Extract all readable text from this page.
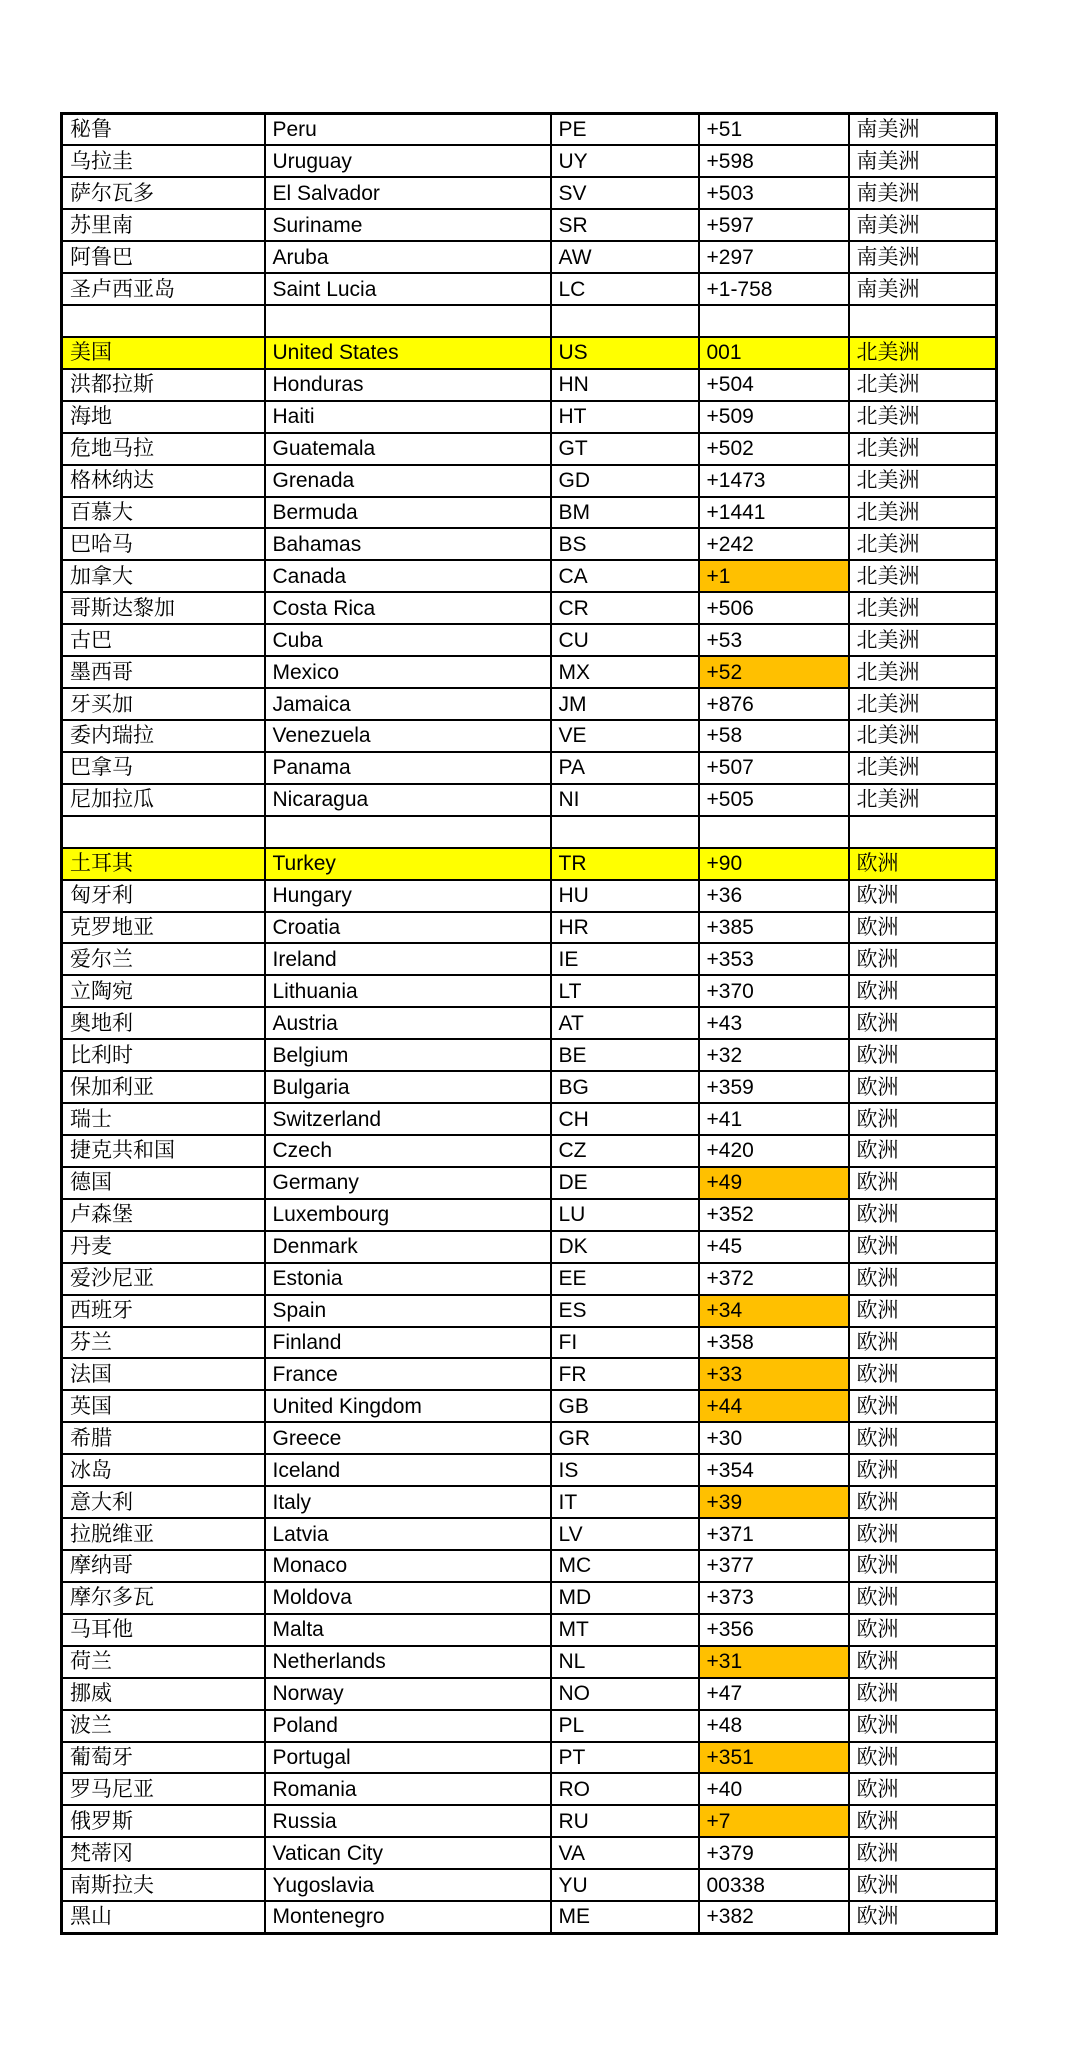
秘鲁	Peru	PE	+51	南美洲
乌拉圭	Uruguay	UY	+598	南美洲
萨尔瓦多	El Salvador	SV	+503	南美洲
苏里南	Suriname	SR	+597	南美洲
阿鲁巴	Aruba	AW	+297	南美洲
圣卢西亚岛	Saint Lucia	LC	+1-758	南美洲

美国	United States	US	001	北美洲
洪都拉斯	Honduras	HN	+504	北美洲
海地	Haiti	HT	+509	北美洲
危地马拉	Guatemala	GT	+502	北美洲
格林纳达	Grenada	GD	+1473	北美洲
百慕大	Bermuda	BM	+1441	北美洲
巴哈马	Bahamas	BS	+242	北美洲
加拿大	Canada	CA	+1	北美洲
哥斯达黎加	Costa Rica	CR	+506	北美洲
古巴	Cuba	CU	+53	北美洲
墨西哥	Mexico	MX	+52	北美洲
牙买加	Jamaica	JM	+876	北美洲
委内瑞拉	Venezuela	VE	+58	北美洲
巴拿马	Panama	PA	+507	北美洲
尼加拉瓜	Nicaragua	NI	+505	北美洲

土耳其	Turkey	TR	+90	欧洲
匈牙利	Hungary	HU	+36	欧洲
克罗地亚	Croatia	HR	+385	欧洲
爱尔兰	Ireland	IE	+353	欧洲
立陶宛	Lithuania	LT	+370	欧洲
奥地利	Austria	AT	+43	欧洲
比利时	Belgium	BE	+32	欧洲
保加利亚	Bulgaria	BG	+359	欧洲
瑞士	Switzerland	CH	+41	欧洲
捷克共和国	Czech	CZ	+420	欧洲
德国	Germany	DE	+49	欧洲
卢森堡	Luxembourg	LU	+352	欧洲
丹麦	Denmark	DK	+45	欧洲
爱沙尼亚	Estonia	EE	+372	欧洲
西班牙	Spain	ES	+34	欧洲
芬兰	Finland	FI	+358	欧洲
法国	France	FR	+33	欧洲
英国	United Kingdom	GB	+44	欧洲
希腊	Greece	GR	+30	欧洲
冰岛	Iceland	IS	+354	欧洲
意大利	Italy	IT	+39	欧洲
拉脱维亚	Latvia	LV	+371	欧洲
摩纳哥	Monaco	MC	+377	欧洲
摩尔多瓦	Moldova	MD	+373	欧洲
马耳他	Malta	MT	+356	欧洲
荷兰	Netherlands	NL	+31	欧洲
挪威	Norway	NO	+47	欧洲
波兰	Poland	PL	+48	欧洲
葡萄牙	Portugal	PT	+351	欧洲
罗马尼亚	Romania	RO	+40	欧洲
俄罗斯	Russia	RU	+7	欧洲
梵蒂冈	Vatican City	VA	+379	欧洲
南斯拉夫	Yugoslavia	YU	00338	欧洲
黑山	Montenegro	ME	+382	欧洲
